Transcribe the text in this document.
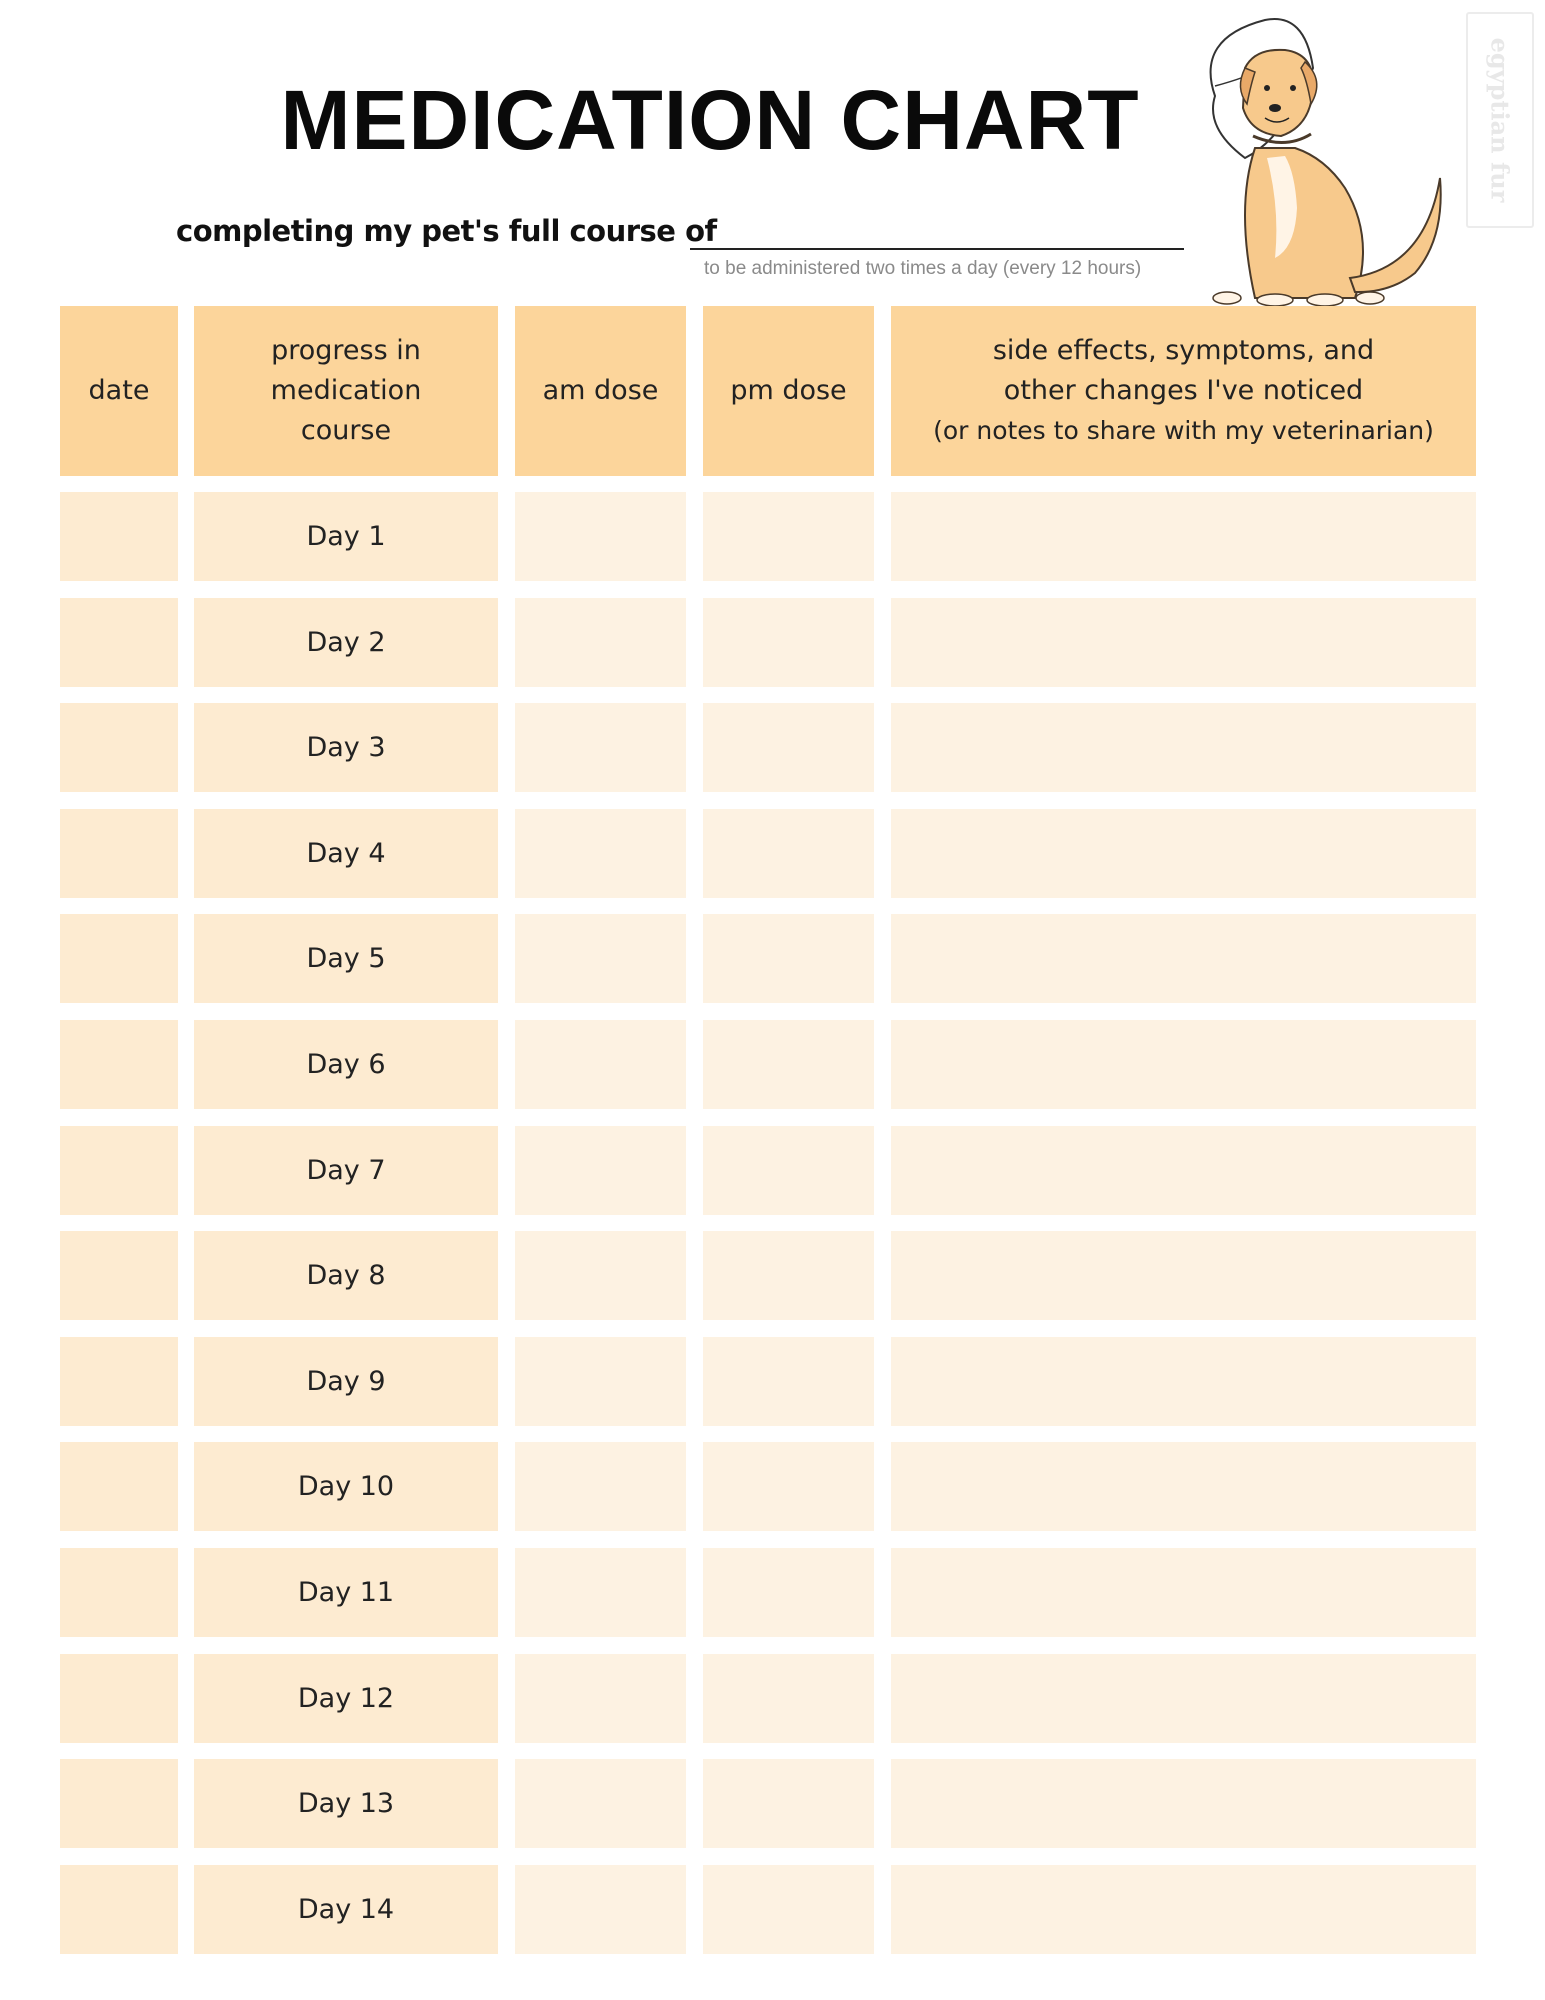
MEDICATION CHART
completing my pet's full course of
to be administered two times a day (every 12 hours)
egyptian fur
date
progress in
medication
course
am dose	pm dose
side effects, symptoms, and
other changes I've noticed
(or notes to share with my veterinarian)
Day 1
Day 2
Day 3
Day 4
Day 5
Day 6
Day 7
Day 8
Day 9
Day 10
Day 11
Day 12
Day 13
Day 14
